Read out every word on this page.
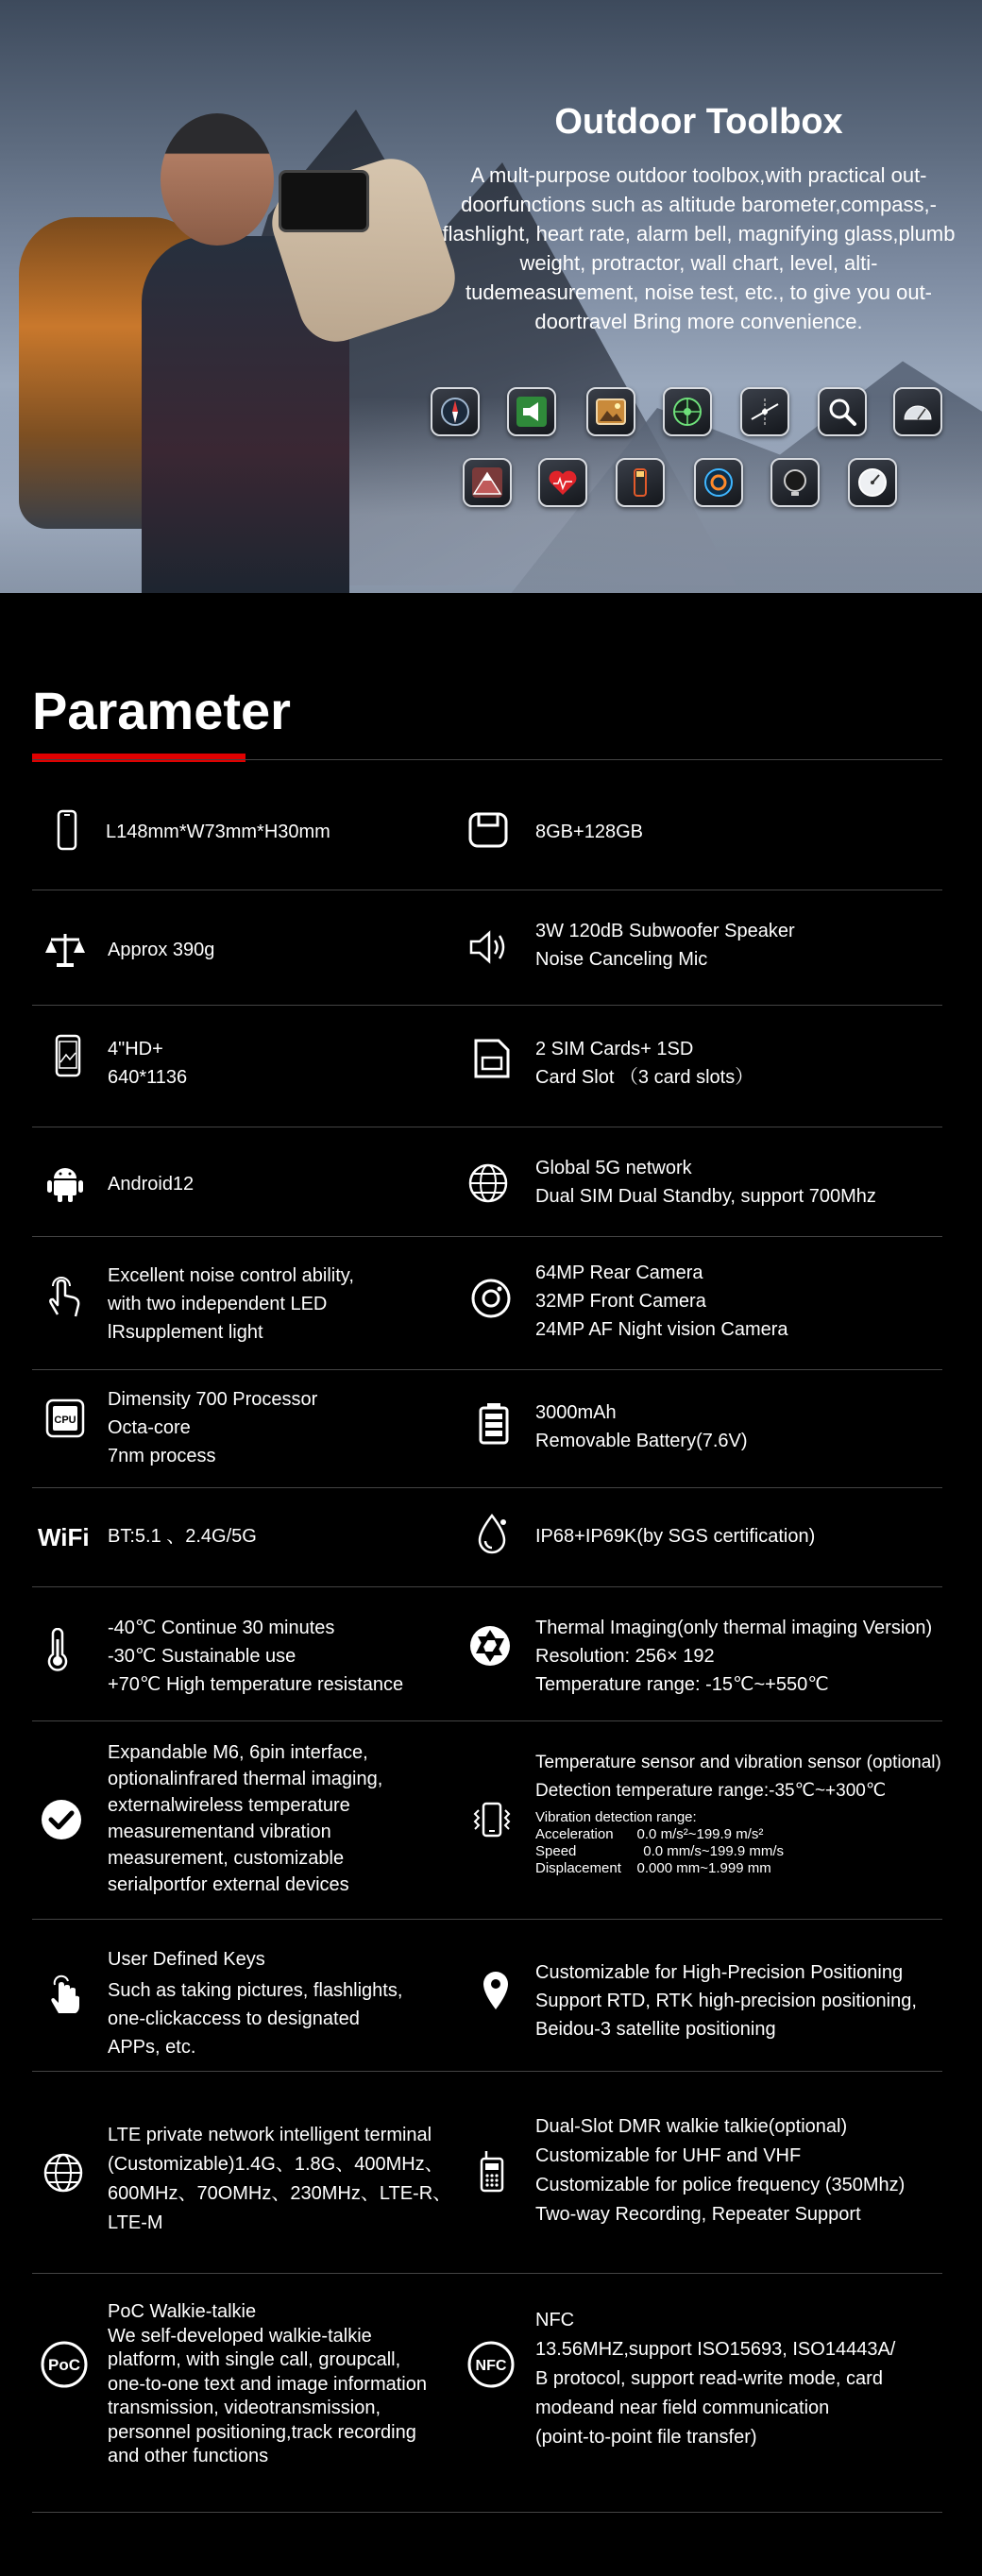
Outdoor Toolbox

A mult-purpose outdoor toolbox,with practical out-doorfunctions such as altitude barometer,compass,-flashlight, heart rate, alarm bell, magnifying glass,plumb weight, protractor, wall chart, level, alti-tudemeasurement, noise test, etc., to give you out-doortravel Bring more convenience.

Parameter

L148mm*W73mm*H30mm	8GB+128GB

Approx 390g

3W 120dB Subwoofer Speaker
Noise Canceling Mic

4"HD+
640*1136

2 SIM Cards+ 1SD
Card Slot （3 card slots）

Android12

Global 5G network
Dual SIM Dual Standby, support 700Mhz

Excellent noise control ability,
with two independent LED
lRsupplement light

64MP Rear Camera
32MP Front Camera
24MP AF Night vision Camera

CPU

Dimensity 700 Processor
Octa-core
7nm process

3000mAh
Removable Battery(7.6V)

WiFi BT:5.1 、2.4G/5G	IP68+IP69K(by SGS certification)

-40℃ Continue 30 minutes
-30℃ Sustainable use
+70℃ High temperature resistance

Thermal Imaging(only thermal imaging Version)
Resolution: 256× 192
Temperature range: -15℃~+550℃

Expandable M6, 6pin interface,
optionalinfrared thermal imaging,
externalwireless temperature
measurementand vibration
measurement, customizable
serialportfor external devices

Temperature sensor and vibration sensor (optional)
Detection temperature range:-35℃~+300℃

Vibration detection range:
Acceleration      0.0 m/s²~199.9 m/s²
Speed                 0.0 mm/s~199.9 mm/s
Displacement    0.000 mm~1.999 mm

User Defined Keys
Such as taking pictures, flashlights,
one-clickaccess to designated
APPs, etc.

Customizable for High-Precision Positioning
Support RTD, RTK high-precision positioning,
Beidou-3 satellite positioning

LTE private network intelligent terminal
(Customizable)1.4G、1.8G、400MHz、
600MHz、70OMHz、230MHz、LTE-R、
LTE-M

Dual-Slot DMR walkie talkie(optional)
Customizable for UHF and VHF
Customizable for police frequency (350Mhz)
Two-way Recording, Repeater Support

PoC

PoC Walkie-talkie
We self-developed walkie-talkie
platform, with single call, groupcall,
one-to-one text and image information
transmission, videotransmission,
personnel positioning,track recording
and other functions

NFC

NFC
13.56MHZ,support ISO15693, ISO14443A/
B protocol, support read-write mode, card
modeand near field communication
(point-to-point file transfer)
